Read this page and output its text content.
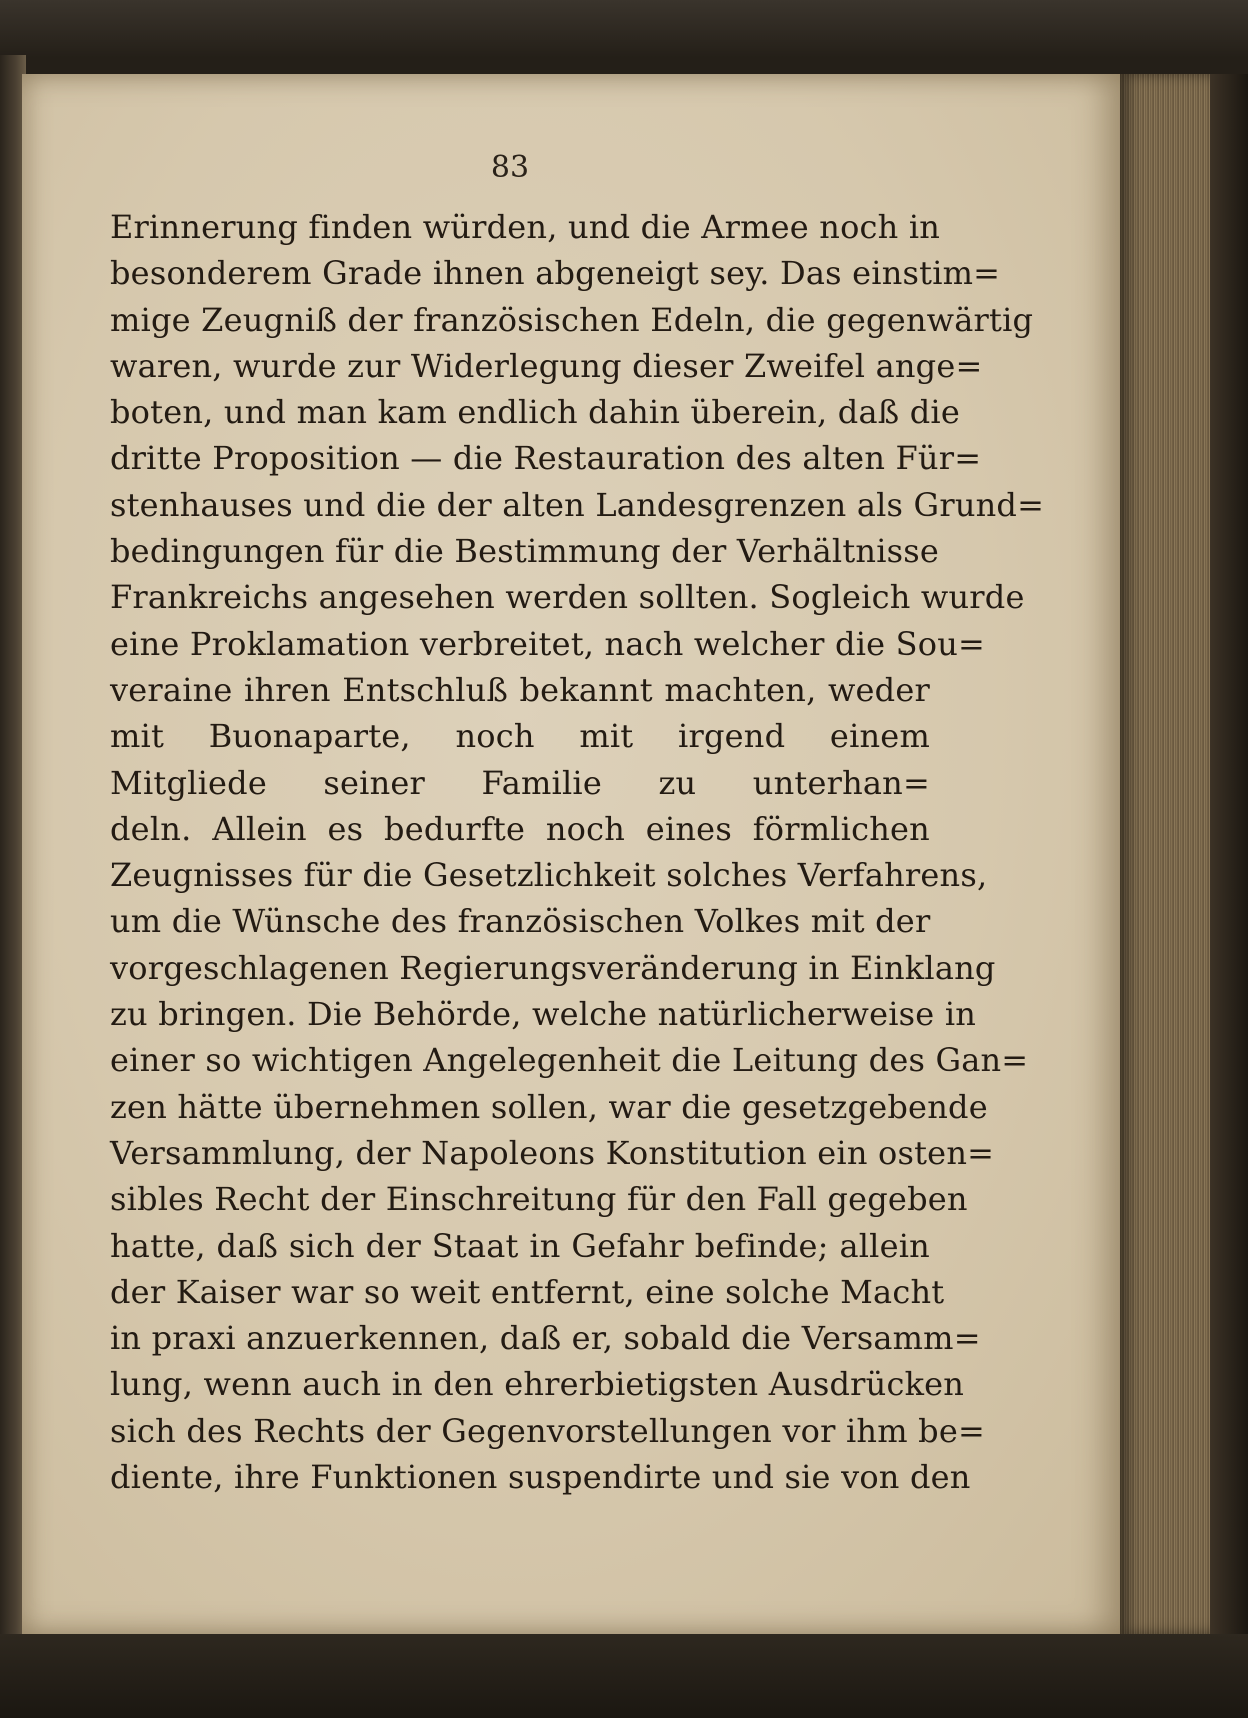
83
Erinnerung finden würden, und die Armee noch in
besonderem Grade ihnen abgeneigt sey. Das einstim=
mige Zeugniß der französischen Edeln, die gegenwärtig
waren, wurde zur Widerlegung dieser Zweifel ange=
boten, und man kam endlich dahin überein, daß die
dritte Proposition — die Restauration des alten Für=
stenhauses und die der alten Landesgrenzen als Grund=
bedingungen für die Bestimmung der Verhältnisse
Frankreichs angesehen werden sollten. Sogleich wurde
eine Proklamation verbreitet, nach welcher die Sou=
veraine ihren Entschluß bekannt machten, weder
mit Buonaparte, noch mit irgend einem
Mitgliede seiner Familie zu unterhan=
deln. Allein es bedurfte noch eines förmlichen
Zeugnisses für die Gesetzlichkeit solches Verfahrens,
um die Wünsche des französischen Volkes mit der
vorgeschlagenen Regierungsveränderung in Einklang
zu bringen. Die Behörde, welche natürlicherweise in
einer so wichtigen Angelegenheit die Leitung des Gan=
zen hätte übernehmen sollen, war die gesetzgebende
Versammlung, der Napoleons Konstitution ein osten=
sibles Recht der Einschreitung für den Fall gegeben
hatte, daß sich der Staat in Gefahr befinde; allein
der Kaiser war so weit entfernt, eine solche Macht
in praxi anzuerkennen, daß er, sobald die Versamm=
lung, wenn auch in den ehrerbietigsten Ausdrücken
sich des Rechts der Gegenvorstellungen vor ihm be=
diente, ihre Funktionen suspendirte und sie von den
